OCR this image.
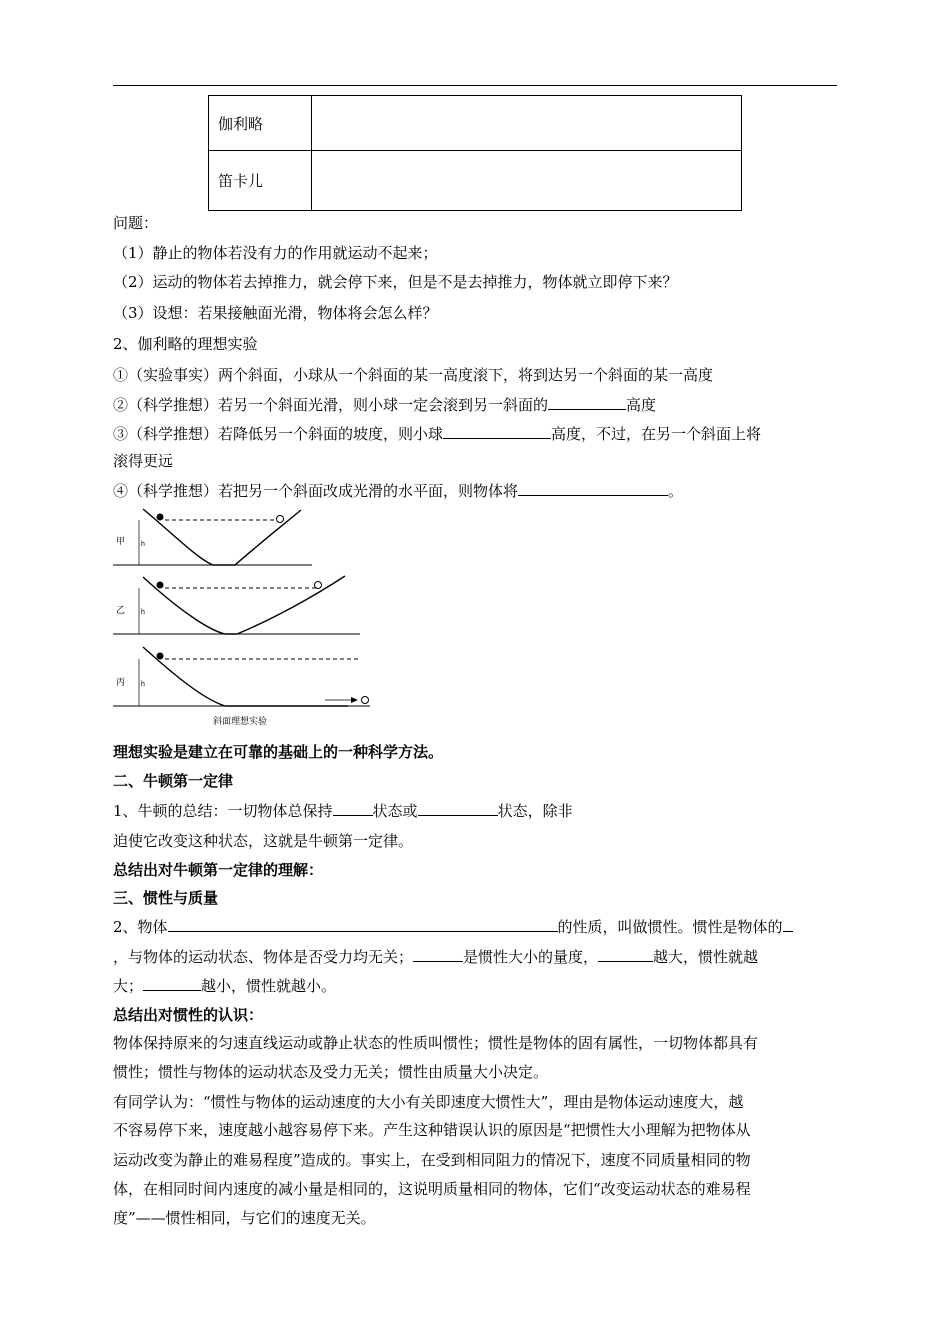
伽利略	
笛卡儿	
问题：
（1）静止的物体若没有力的作用就运动不起来；
（2）运动的物体若去掉推力，就会停下来，但是不是去掉推力，物体就立即停下来？
（3）设想：若果接触面光滑，物体将会怎么样？
2、伽利略的理想实验
①（实验事实）两个斜面，小球从一个斜面的某一高度滚下，将到达另一个斜面的某一高度
②（科学推想）若另一个斜面光滑，则小球一定会滚到另一斜面的	高度
③（科学推想）若降低另一个斜面的坡度，则小球	高度，不过，在另一个斜面上将
滚得更远
④（科学推想）若把另一个斜面改成光滑的水平面，则物体将	。
甲 h
乙 h
丙 h
斜面理想实验
理想实验是建立在可靠的基础上的一种科学方法。
二、牛顿第一定律
1、牛顿的总结：一切物体总保持	状态或	状态，除非
迫使它改变这种状态，这就是牛顿第一定律。
总结出对牛顿第一定律的理解：
三、惯性与质量
2、物体	的性质，叫做惯性。惯性是物体的
，与物体的运动状态、物体是否受力均无关；	是惯性大小的量度，	越大，惯性就越
大；	越小，惯性就越小。
总结出对惯性的认识：
物体保持原来的匀速直线运动或静止状态的性质叫惯性；惯性是物体的固有属性，一切物体都具有
惯性；惯性与物体的运动状态及受力无关；惯性由质量大小决定。
有同学认为：“惯性与物体的运动速度的大小有关即速度大惯性大”，理由是物体运动速度大，越
不容易停下来，速度越小越容易停下来。产生这种错误认识的原因是“把惯性大小理解为把物体从
运动改变为静止的难易程度”造成的。事实上，在受到相同阻力的情况下，速度不同质量相同的物
体，在相同时间内速度的减小量是相同的，这说明质量相同的物体，它们“改变运动状态的难易程
度”——惯性相同，与它们的速度无关。
